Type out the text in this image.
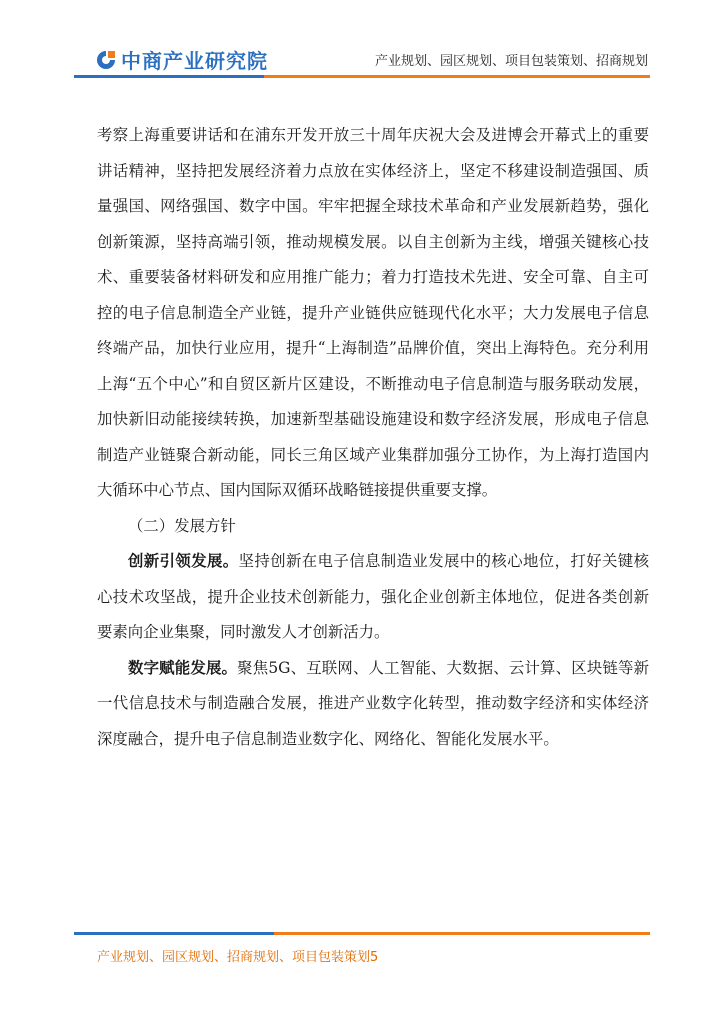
中商产业研究院	产业规划、园区规划、项目包装策划、招商规划

考察上海重要讲话和在浦东开发开放三十周年庆祝大会及进博会开幕式上的重要讲话精神，坚持把发展经济着力点放在实体经济上，坚定不移建设制造强国、质量强国、网络强国、数字中国。牢牢把握全球技术革命和产业发展新趋势，强化创新策源，坚持高端引领，推动规模发展。以自主创新为主线，增强关键核心技术、重要装备材料研发和应用推广能力；着力打造技术先进、安全可靠、自主可控的电子信息制造全产业链，提升产业链供应链现代化水平；大力发展电子信息终端产品，加快行业应用，提升“上海制造”品牌价值，突出上海特色。充分利用上海“五个中心”和自贸区新片区建设，不断推动电子信息制造与服务联动发展，加快新旧动能接续转换，加速新型基础设施建设和数字经济发展，形成电子信息制造产业链聚合新动能，同长三角区域产业集群加强分工协作，为上海打造国内大循环中心节点、国内国际双循环战略链接提供重要支撑。

（二）发展方针

创新引领发展。坚持创新在电子信息制造业发展中的核心地位，打好关键核心技术攻坚战，提升企业技术创新能力，强化企业创新主体地位，促进各类创新要素向企业集聚，同时激发人才创新活力。

数字赋能发展。聚焦5G、互联网、人工智能、大数据、云计算、区块链等新一代信息技术与制造融合发展，推进产业数字化转型，推动数字经济和实体经济深度融合，提升电子信息制造业数字化、网络化、智能化发展水平。

产业规划、园区规划、招商规划、项目包装策划5
